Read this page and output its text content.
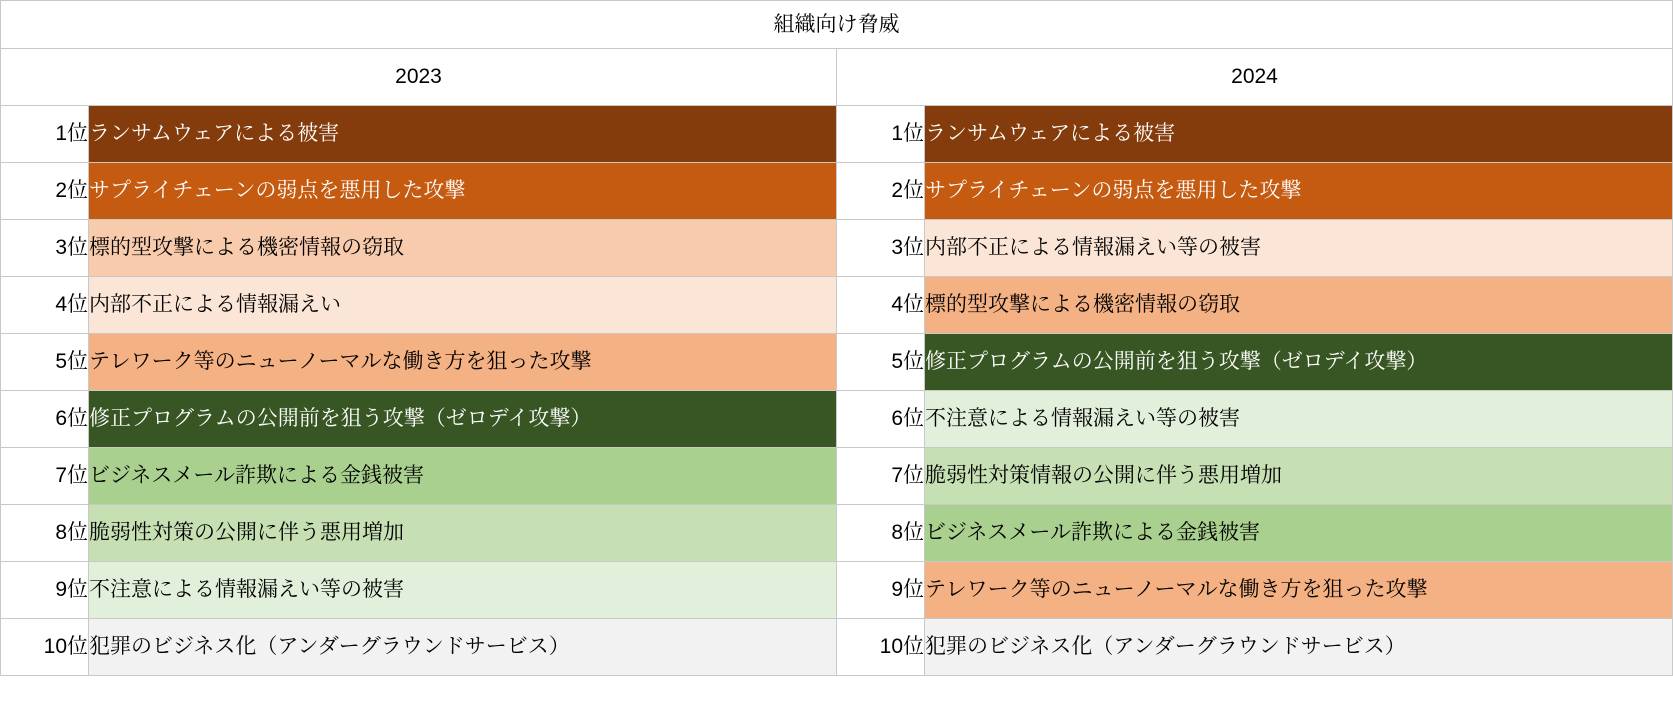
組織向け脅威			
2023		2024	
1位	ランサムウェアによる被害	1位	ランサムウェアによる被害
2位	サプライチェーンの弱点を悪用した攻撃	2位	サプライチェーンの弱点を悪用した攻撃
3位	標的型攻撃による機密情報の窃取	3位	内部不正による情報漏えい等の被害
4位	内部不正による情報漏えい	4位	標的型攻撃による機密情報の窃取
5位	テレワーク等のニューノーマルな働き方を狙った攻撃	5位	修正プログラムの公開前を狙う攻撃（ゼロデイ攻撃）
6位	修正プログラムの公開前を狙う攻撃（ゼロデイ攻撃）	6位	不注意による情報漏えい等の被害
7位	ビジネスメール詐欺による金銭被害	7位	脆弱性対策情報の公開に伴う悪用増加
8位	脆弱性対策の公開に伴う悪用増加	8位	ビジネスメール詐欺による金銭被害
9位	不注意による情報漏えい等の被害	9位	テレワーク等のニューノーマルな働き方を狙った攻撃
10位	犯罪のビジネス化（アンダーグラウンドサービス）	10位	犯罪のビジネス化（アンダーグラウンドサービス）
